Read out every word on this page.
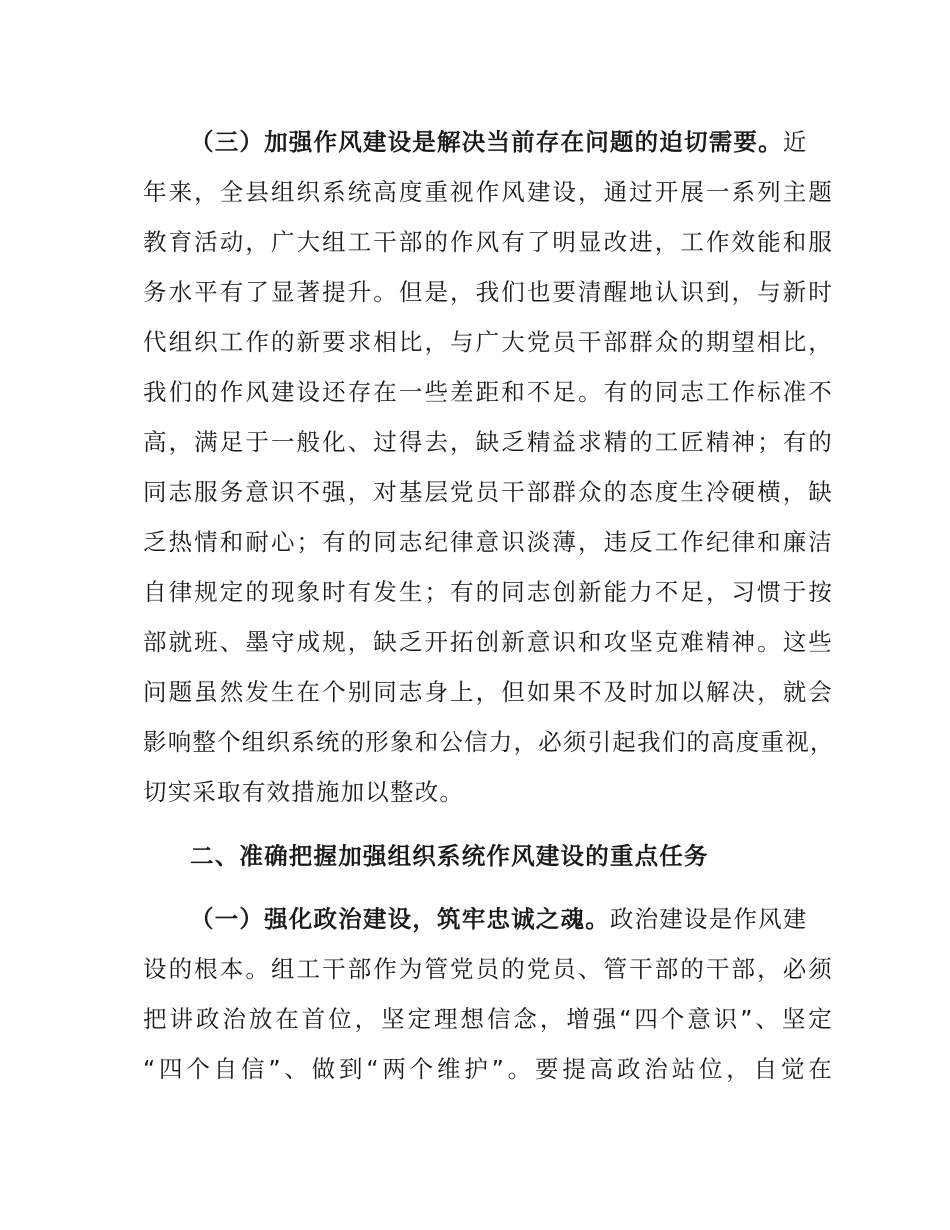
（三）加强作风建设是解决当前存在问题的迫切需要。近
年来，全县组织系统高度重视作风建设，通过开展一系列主题
教育活动，广大组工干部的作风有了明显改进，工作效能和服
务水平有了显著提升。但是，我们也要清醒地认识到，与新时
代组织工作的新要求相比，与广大党员干部群众的期望相比，
我们的作风建设还存在一些差距和不足。有的同志工作标准不
高，满足于一般化、过得去，缺乏精益求精的工匠精神；有的
同志服务意识不强，对基层党员干部群众的态度生冷硬横，缺
乏热情和耐心；有的同志纪律意识淡薄，违反工作纪律和廉洁
自律规定的现象时有发生；有的同志创新能力不足，习惯于按
部就班、墨守成规，缺乏开拓创新意识和攻坚克难精神。这些
问题虽然发生在个别同志身上，但如果不及时加以解决，就会
影响整个组织系统的形象和公信力，必须引起我们的高度重视，
切实采取有效措施加以整改。
二、准确把握加强组织系统作风建设的重点任务
（一）强化政治建设，筑牢忠诚之魂。政治建设是作风建
设的根本。组工干部作为管党员的党员、管干部的干部，必须
把讲政治放在首位，坚定理想信念，增强“四个意识”、坚定
“四个自信”、做到“两个维护”。要提高政治站位，自觉在
